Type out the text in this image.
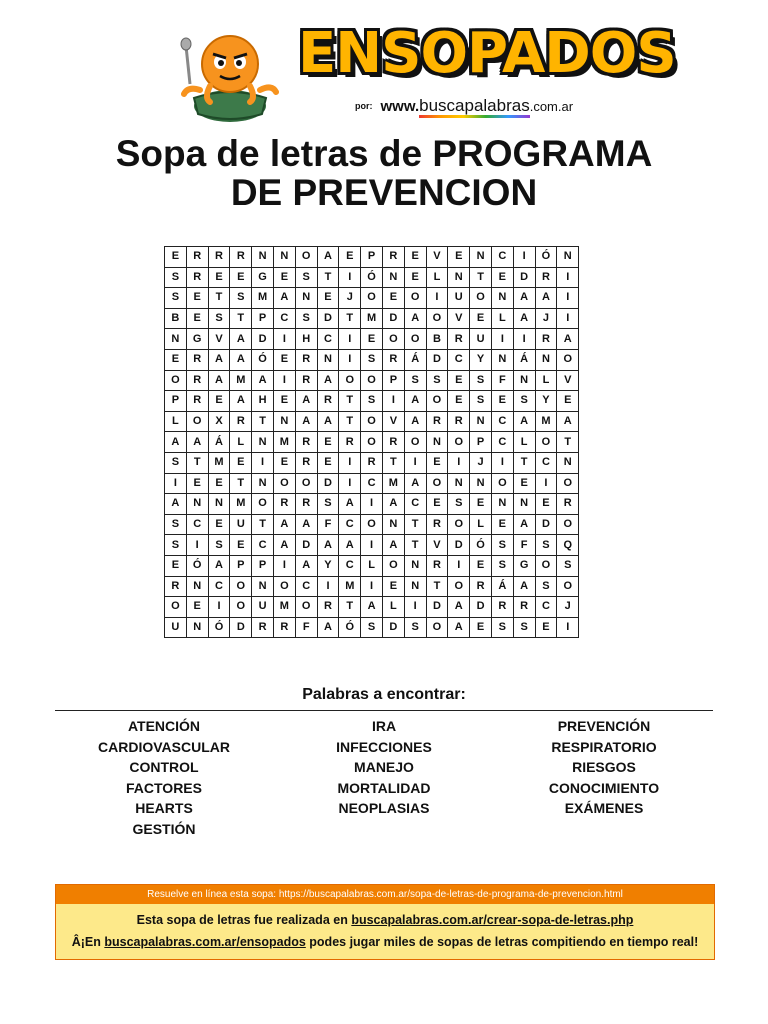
ENSOPADOS
por: www.buscapalabras.com.ar
Sopa de letras de PROGRAMA
DE PREVENCION
E	R	R	R	N	N	O	A	E	P	R	E	V	E	N	C	I	Ó	N
S	R	E	E	G	E	S	T	I	Ó	N	E	L	N	T	E	D	R	I
S	E	T	S	M	A	N	E	J	O	E	O	I	U	O	N	A	A	I
B	E	S	T	P	C	S	D	T	M	D	A	O	V	E	L	A	J	I
N	G	V	A	D	I	H	C	I	E	O	O	B	R	U	I	I	R	A
E	R	A	A	Ó	E	R	N	I	S	R	Á	D	C	Y	N	Á	N	O
O	R	A	M	A	I	R	A	O	O	P	S	S	E	S	F	N	L	V
P	R	E	A	H	E	A	R	T	S	I	A	O	E	S	E	S	Y	E
L	O	X	R	T	N	A	A	T	O	V	A	R	R	N	C	A	M	A
A	A	Á	L	N	M	R	E	R	O	R	O	N	O	P	C	L	O	T
S	T	M	E	I	E	R	E	I	R	T	I	E	I	J	I	T	C	N
I	E	E	T	N	O	O	D	I	C	M	A	O	N	N	O	E	I	O
A	N	N	M	O	R	R	S	A	I	A	C	E	S	E	N	N	E	R
S	C	E	U	T	A	A	F	C	O	N	T	R	O	L	E	A	D	O
S	I	S	E	C	A	D	A	A	I	A	T	V	D	Ó	S	F	S	Q
E	Ó	A	P	P	I	A	Y	C	L	O	N	R	I	E	S	G	O	S
R	N	C	O	N	O	C	I	M	I	E	N	T	O	R	Á	A	S	O
O	E	I	O	U	M	O	R	T	A	L	I	D	A	D	R	R	C	J
U	N	Ó	D	R	R	F	A	Ó	S	D	S	O	A	E	S	S	E	I
Palabras a encontrar:
ATENCIÓN
CARDIOVASCULAR
CONTROL
FACTORES
HEARTS
GESTIÓN
IRA
INFECCIONES
MANEJO
MORTALIDAD
NEOPLASIAS
PREVENCIÓN
RESPIRATORIO
RIESGOS
CONOCIMIENTO
EXÁMENES
Resuelve en línea esta sopa: https://buscapalabras.com.ar/sopa-de-letras-de-programa-de-prevencion.html
Esta sopa de letras fue realizada en buscapalabras.com.ar/crear-sopa-de-letras.php
Â¡En buscapalabras.com.ar/ensopados podes jugar miles de sopas de letras compitiendo en tiempo real!
